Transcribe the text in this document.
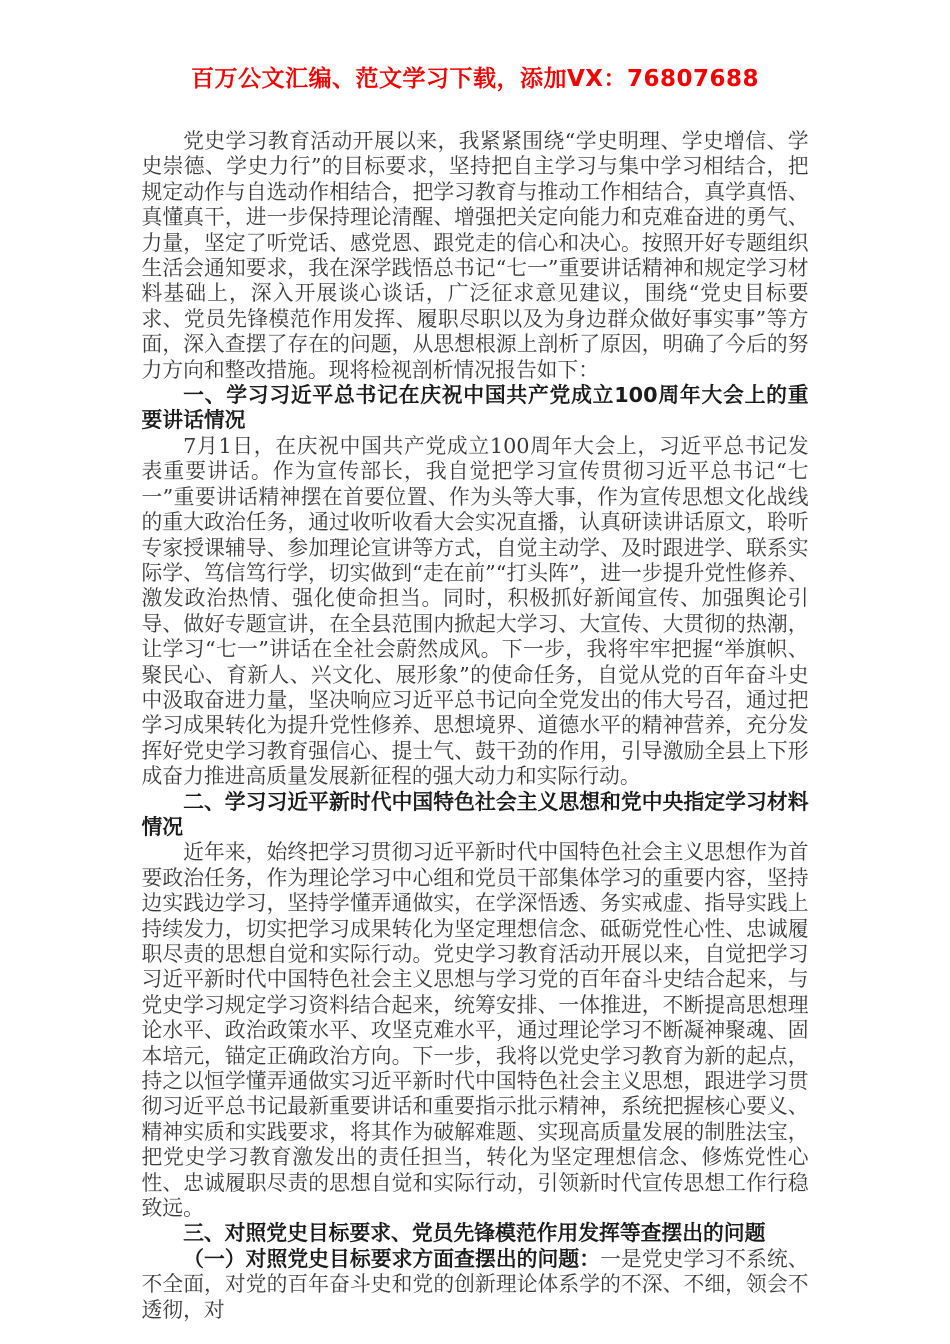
百万公文汇编、范文学习下载，添加VX：76807688

党史学习教育活动开展以来，我紧紧围绕“学史明理、学史增信、学史崇德、学史力行”的目标要求，坚持把自主学习与集中学习相结合，把规定动作与自选动作相结合，把学习教育与推动工作相结合，真学真悟、真懂真干，进一步保持理论清醒、增强把关定向能力和克难奋进的勇气、力量，坚定了听党话、感党恩、跟党走的信心和决心。按照开好专题组织生活会通知要求，我在深学践悟总书记“七一”重要讲话精神和规定学习材料基础上，深入开展谈心谈话，广泛征求意见建议，围绕“党史目标要求、党员先锋模范作用发挥、履职尽职以及为身边群众做好事实事”等方面，深入查摆了存在的问题，从思想根源上剖析了原因，明确了今后的努力方向和整改措施。现将检视剖析情况报告如下：

一、学习习近平总书记在庆祝中国共产党成立100周年大会上的重要讲话情况

7月1日，在庆祝中国共产党成立100周年大会上，习近平总书记发表重要讲话。作为宣传部长，我自觉把学习宣传贯彻习近平总书记“七一”重要讲话精神摆在首要位置、作为头等大事，作为宣传思想文化战线的重大政治任务，通过收听收看大会实况直播，认真研读讲话原文，聆听专家授课辅导、参加理论宣讲等方式，自觉主动学、及时跟进学、联系实际学、笃信笃行学，切实做到“走在前”“打头阵”，进一步提升党性修养、激发政治热情、强化使命担当。同时，积极抓好新闻宣传、加强舆论引导、做好专题宣讲，在全县范围内掀起大学习、大宣传、大贯彻的热潮，让学习“七一”讲话在全社会蔚然成风。下一步，我将牢牢把握“举旗帜、聚民心、育新人、兴文化、展形象”的使命任务，自觉从党的百年奋斗史中汲取奋进力量，坚决响应习近平总书记向全党发出的伟大号召，通过把学习成果转化为提升党性修养、思想境界、道德水平的精神营养，充分发挥好党史学习教育强信心、提士气、鼓干劲的作用，引导激励全县上下形成奋力推进高质量发展新征程的强大动力和实际行动。

二、学习习近平新时代中国特色社会主义思想和党中央指定学习材料情况

近年来，始终把学习贯彻习近平新时代中国特色社会主义思想作为首要政治任务，作为理论学习中心组和党员干部集体学习的重要内容，坚持边实践边学习，坚持学懂弄通做实，在学深悟透、务实戒虚、指导实践上持续发力，切实把学习成果转化为坚定理想信念、砥砺党性心性、忠诚履职尽责的思想自觉和实际行动。党史学习教育活动开展以来，自觉把学习习近平新时代中国特色社会主义思想与学习党的百年奋斗史结合起来，与党史学习规定学习资料结合起来，统筹安排、一体推进，不断提高思想理论水平、政治政策水平、攻坚克难水平，通过理论学习不断凝神聚魂、固本培元，锚定正确政治方向。下一步，我将以党史学习教育为新的起点，持之以恒学懂弄通做实习近平新时代中国特色社会主义思想，跟进学习贯彻习近平总书记最新重要讲话和重要指示批示精神，系统把握核心要义、精神实质和实践要求，将其作为破解难题、实现高质量发展的制胜法宝，把党史学习教育激发出的责任担当，转化为坚定理想信念、修炼党性心性、忠诚履职尽责的思想自觉和实际行动，引领新时代宣传思想工作行稳致远。

三、对照党史目标要求、党员先锋模范作用发挥等查摆出的问题

（一）对照党史目标要求方面查摆出的问题：一是党史学习不系统、不全面，对党的百年奋斗史和党的创新理论体系学的不深、不细，领会不透彻，对
